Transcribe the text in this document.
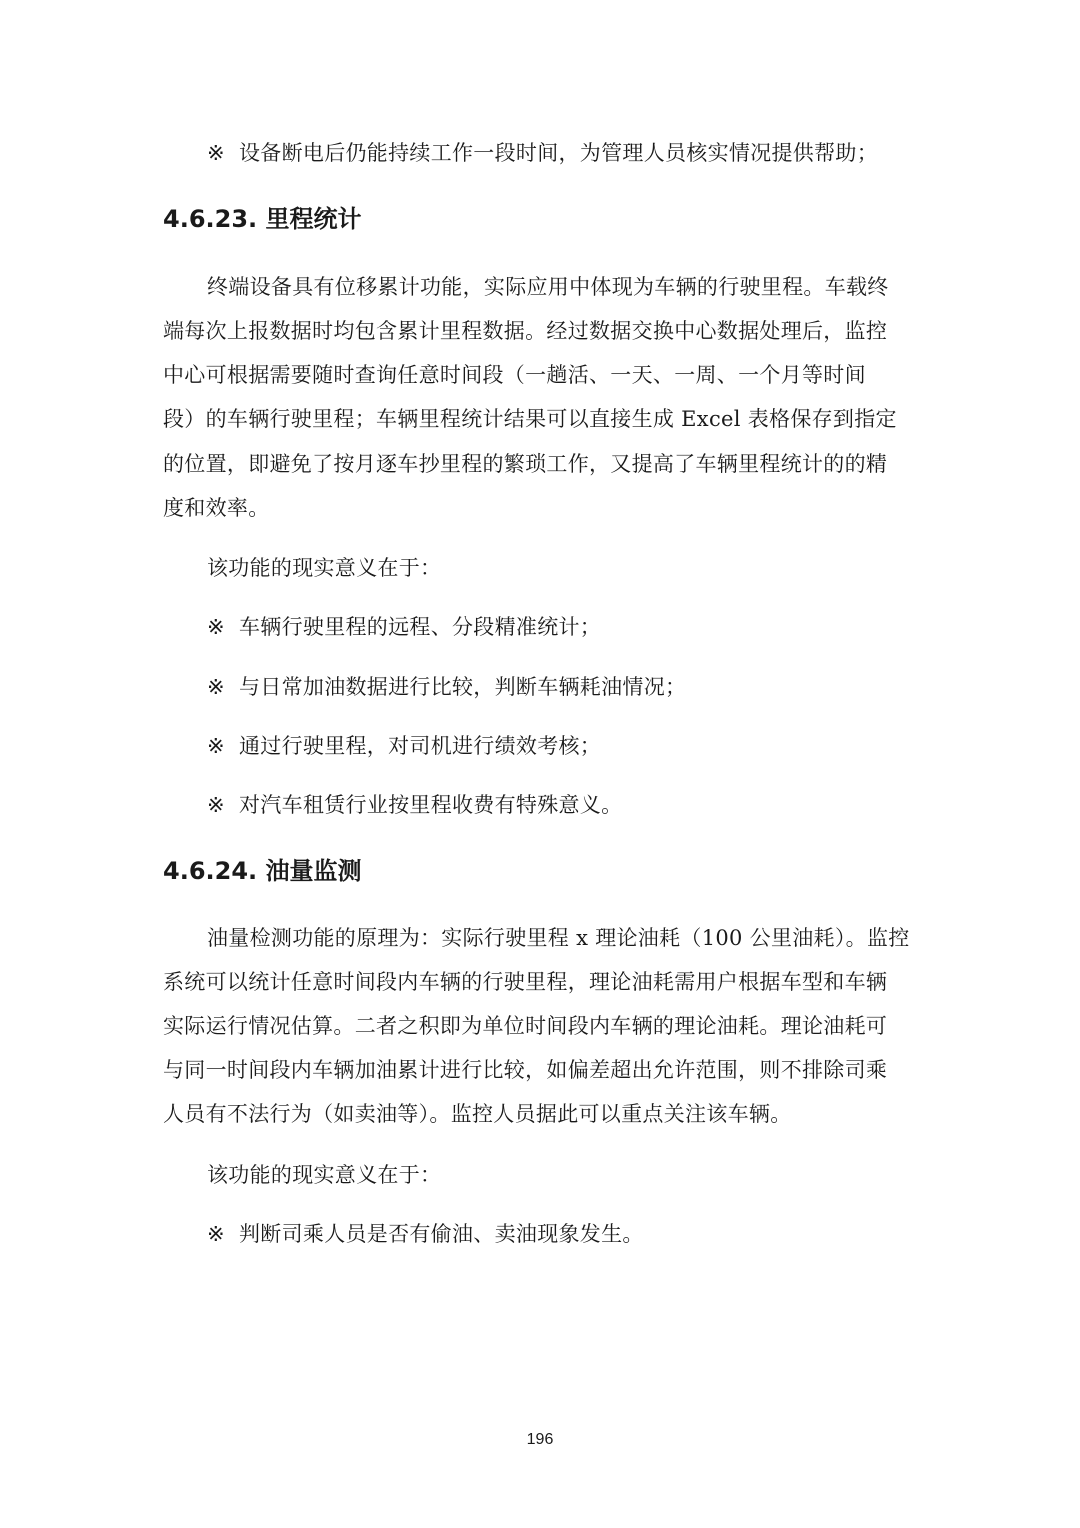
※ 设备断电后仍能持续工作一段时间，为管理人员核实情况提供帮助；
4.6.23. 里程统计
终端设备具有位移累计功能，实际应用中体现为车辆的行驶里程。车载终
端每次上报数据时均包含累计里程数据。经过数据交换中心数据处理后，监控
中心可根据需要随时查询任意时间段（一趟活、一天、一周、一个月等时间
段）的车辆行驶里程；车辆里程统计结果可以直接生成 Excel 表格保存到指定
的位置，即避免了按月逐车抄里程的繁琐工作，又提高了车辆里程统计的的精
度和效率。
该功能的现实意义在于：
※ 车辆行驶里程的远程、分段精准统计；
※ 与日常加油数据进行比较，判断车辆耗油情况；
※ 通过行驶里程，对司机进行绩效考核；
※ 对汽车租赁行业按里程收费有特殊意义。
4.6.24. 油量监测
油量检测功能的原理为：实际行驶里程 x 理论油耗（100 公里油耗）。监控
系统可以统计任意时间段内车辆的行驶里程，理论油耗需用户根据车型和车辆
实际运行情况估算。二者之积即为单位时间段内车辆的理论油耗。理论油耗可
与同一时间段内车辆加油累计进行比较，如偏差超出允许范围，则不排除司乘
人员有不法行为（如卖油等）。监控人员据此可以重点关注该车辆。
该功能的现实意义在于：
※ 判断司乘人员是否有偷油、卖油现象发生。
196
